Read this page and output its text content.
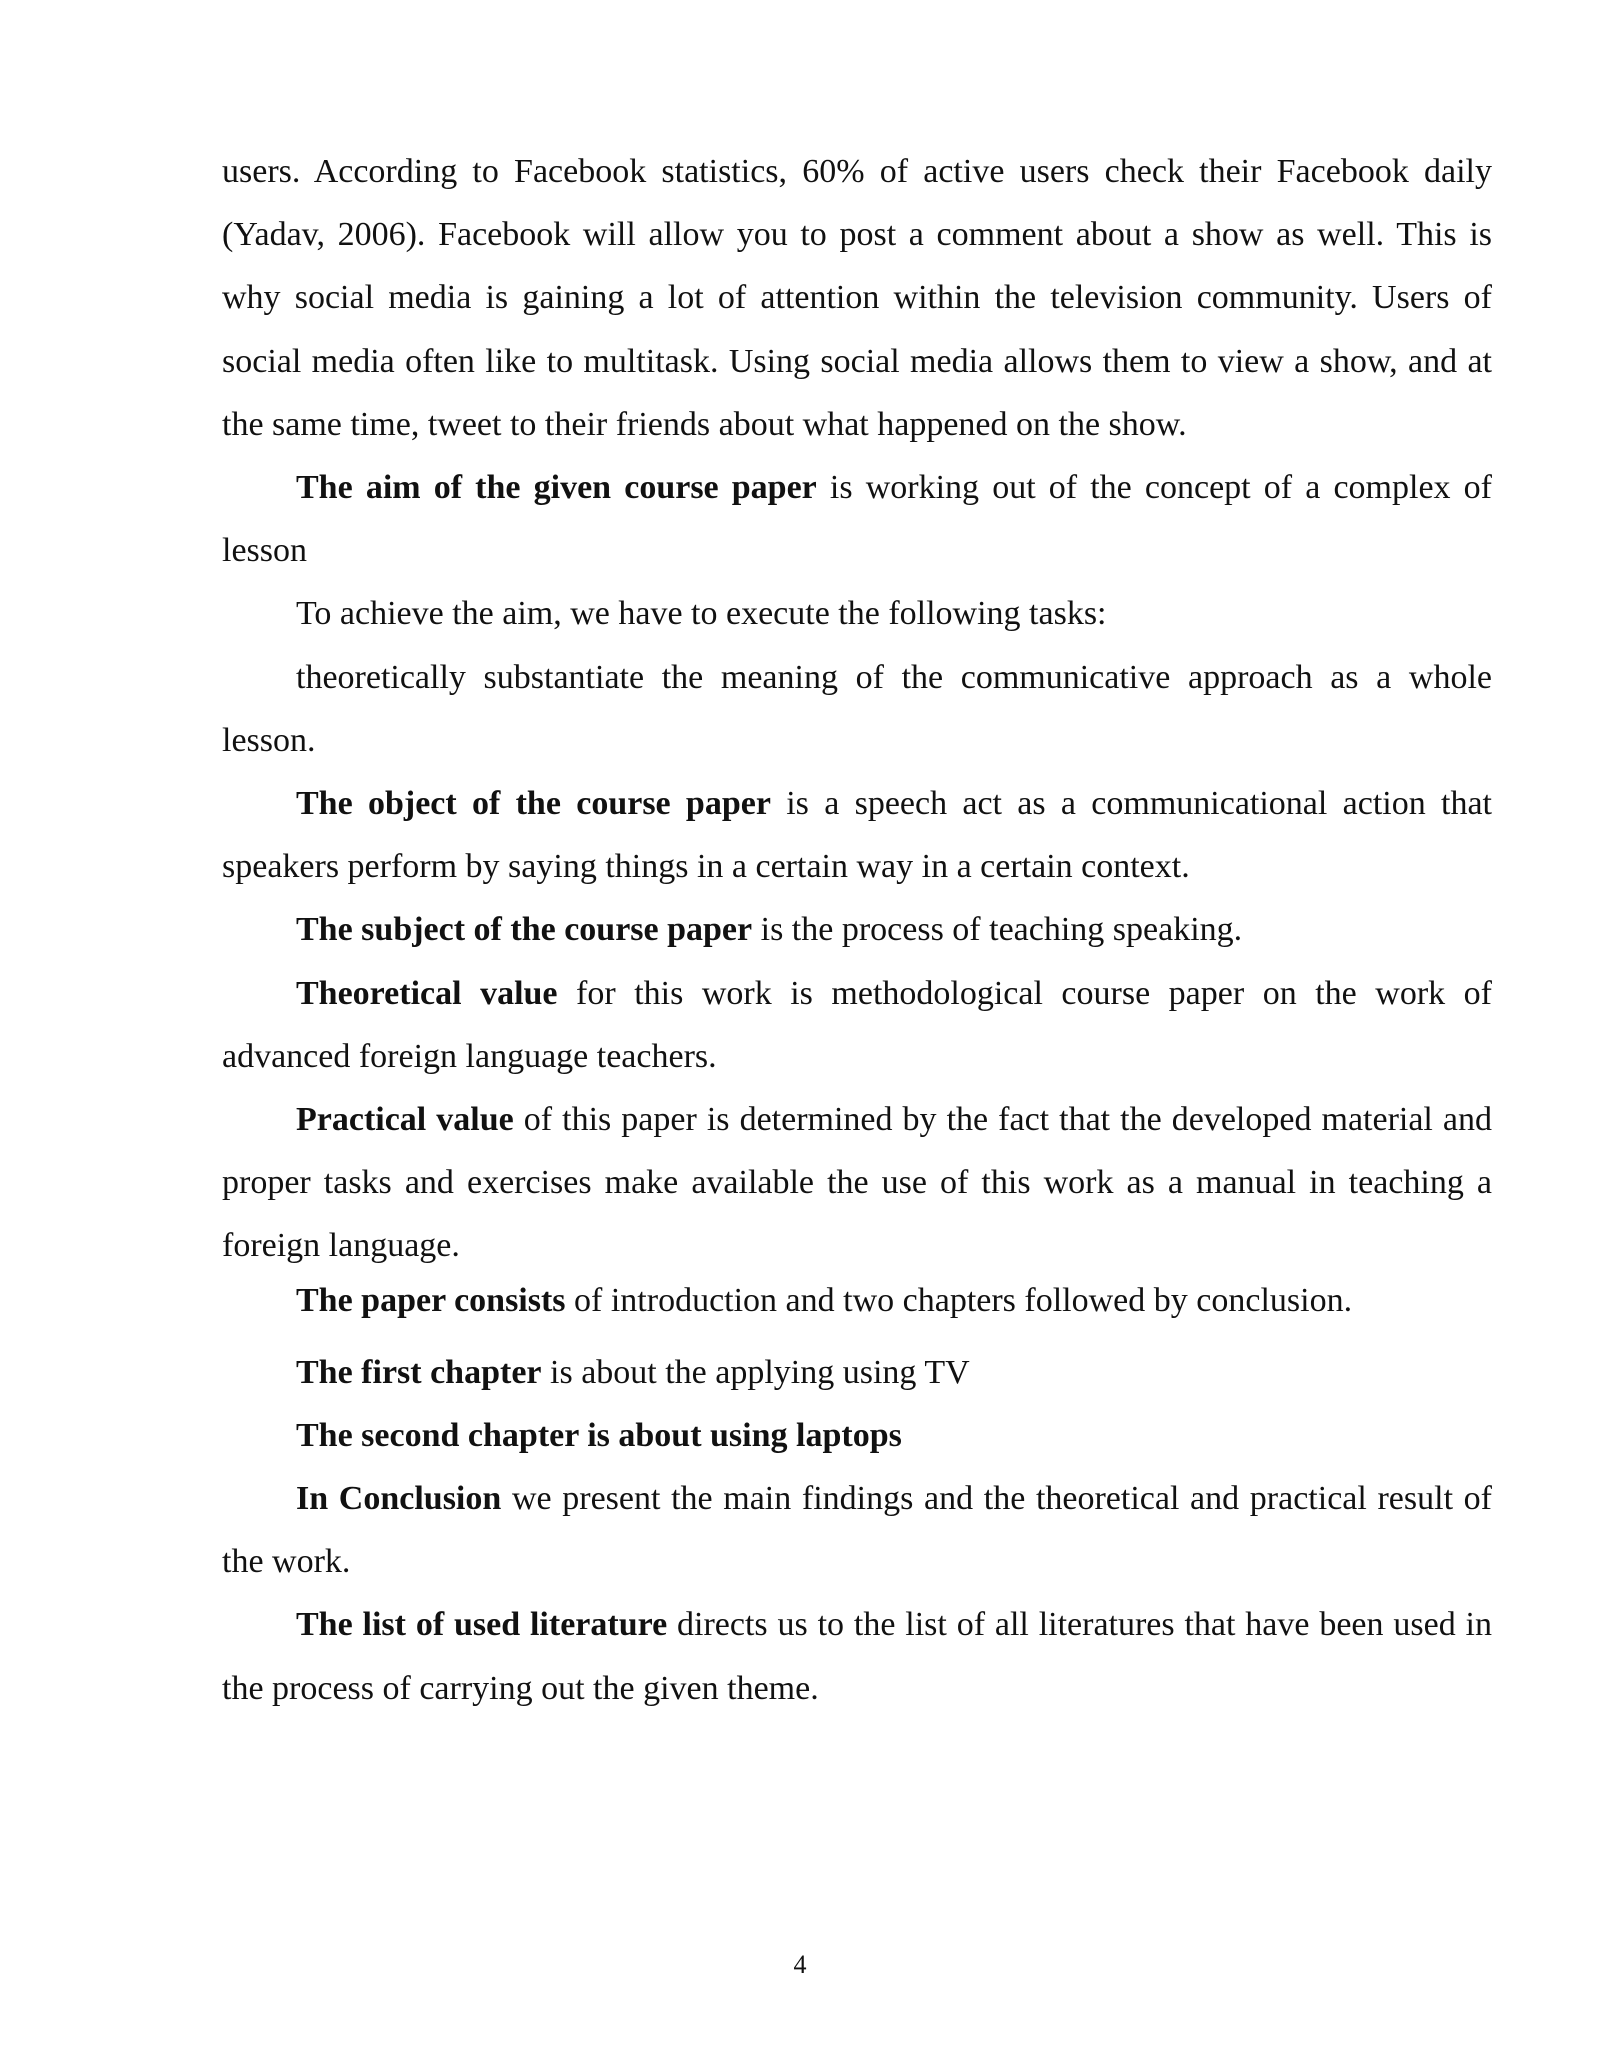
users. According to Facebook statistics, 60% of active users check their Facebook daily (Yadav, 2006). Facebook will allow you to post a comment about a show as well. This is why social media is gaining a lot of attention within the television community. Users of social media often like to multitask. Using social media allows them to view a show, and at the same time, tweet to their friends about what happened on the show.

The aim of the given course paper is working out of the concept of a complex of lesson

To achieve the aim, we have to execute the following tasks:

theoretically substantiate the meaning of the communicative approach as a whole lesson.

The object of the course paper is a speech act as a communicational action that speakers perform by saying things in a certain way in a certain context.

The subject of the course paper is the process of teaching speaking.

Theoretical value for this work is methodological course paper on the work of advanced foreign language teachers.

Practical value of this paper is determined by the fact that the developed material and proper tasks and exercises make available the use of this work as a manual in teaching a foreign language.

The paper consists of introduction and two chapters followed by conclusion.

The first chapter is about the applying using TV

The second chapter is about using laptops

In Conclusion we present the main findings and the theoretical and practical result of the work.

The list of used literature directs us to the list of all literatures that have been used in the process of carrying out the given theme.

4
